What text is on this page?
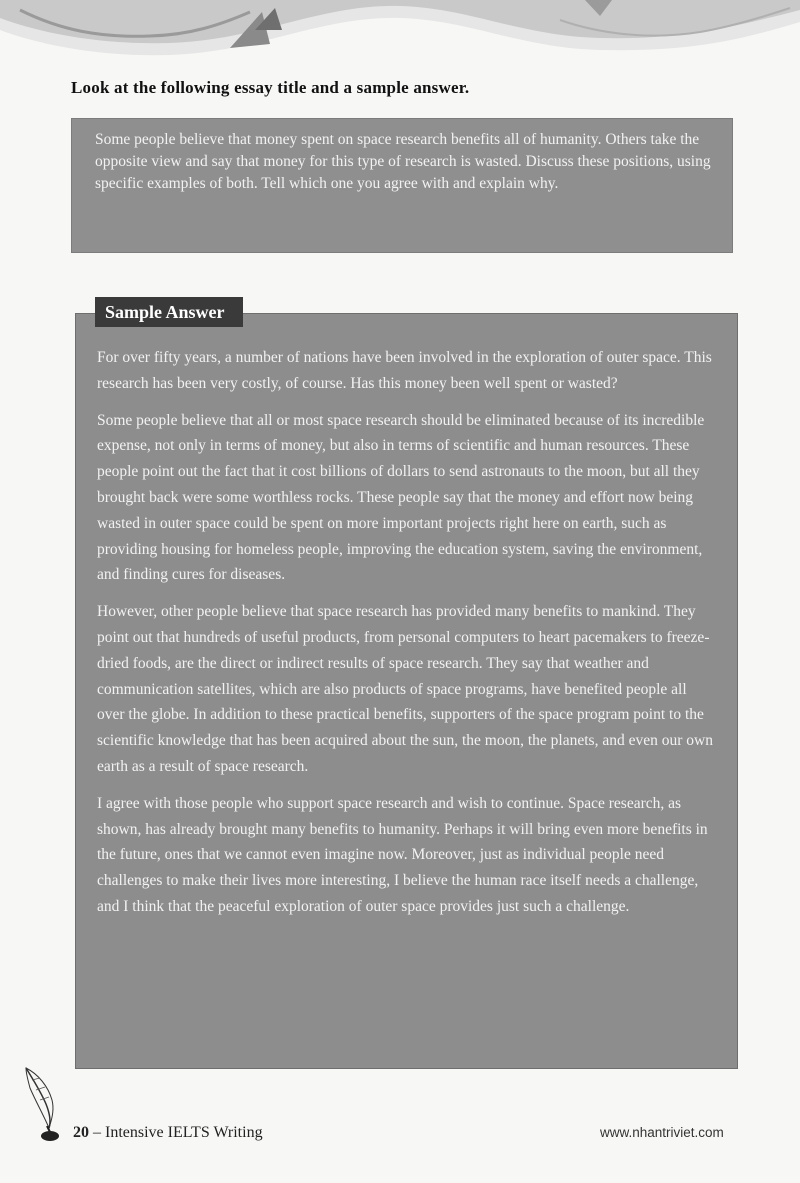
Look at the following essay title and a sample answer.

Some people believe that money spent on space research benefits all of humanity. Others take the opposite view and say that money for this type of research is wasted. Discuss these positions, using specific examples of both. Tell which one you agree with and explain why.

Sample Answer

For over fifty years, a number of nations have been involved in the exploration of outer space. This research has been very costly, of course. Has this money been well spent or wasted?

Some people believe that all or most space research should be eliminated because of its incredible expense, not only in terms of money, but also in terms of scientific and human resources. These people point out the fact that it cost billions of dollars to send astronauts to the moon, but all they brought back were some worthless rocks. These people say that the money and effort now being wasted in outer space could be spent on more important projects right here on earth, such as providing housing for homeless people, improving the education system, saving the environment, and finding cures for diseases.

However, other people believe that space research has provided many benefits to mankind. They point out that hundreds of useful products, from personal computers to heart pacemakers to freeze-dried foods, are the direct or indirect results of space research. They say that weather and communication satellites, which are also products of space programs, have benefited people all over the globe. In addition to these practical benefits, supporters of the space program point to the scientific knowledge that has been acquired about the sun, the moon, the planets, and even our own earth as a result of space research.

I agree with those people who support space research and wish to continue. Space research, as shown, has already brought many benefits to humanity. Perhaps it will bring even more benefits in the future, ones that we cannot even imagine now. Moreover, just as individual people need challenges to make their lives more interesting, I believe the human race itself needs a challenge, and I think that the peaceful exploration of outer space provides just such a challenge.

20 – Intensive IELTS Writing	www.nhantriviet.com
